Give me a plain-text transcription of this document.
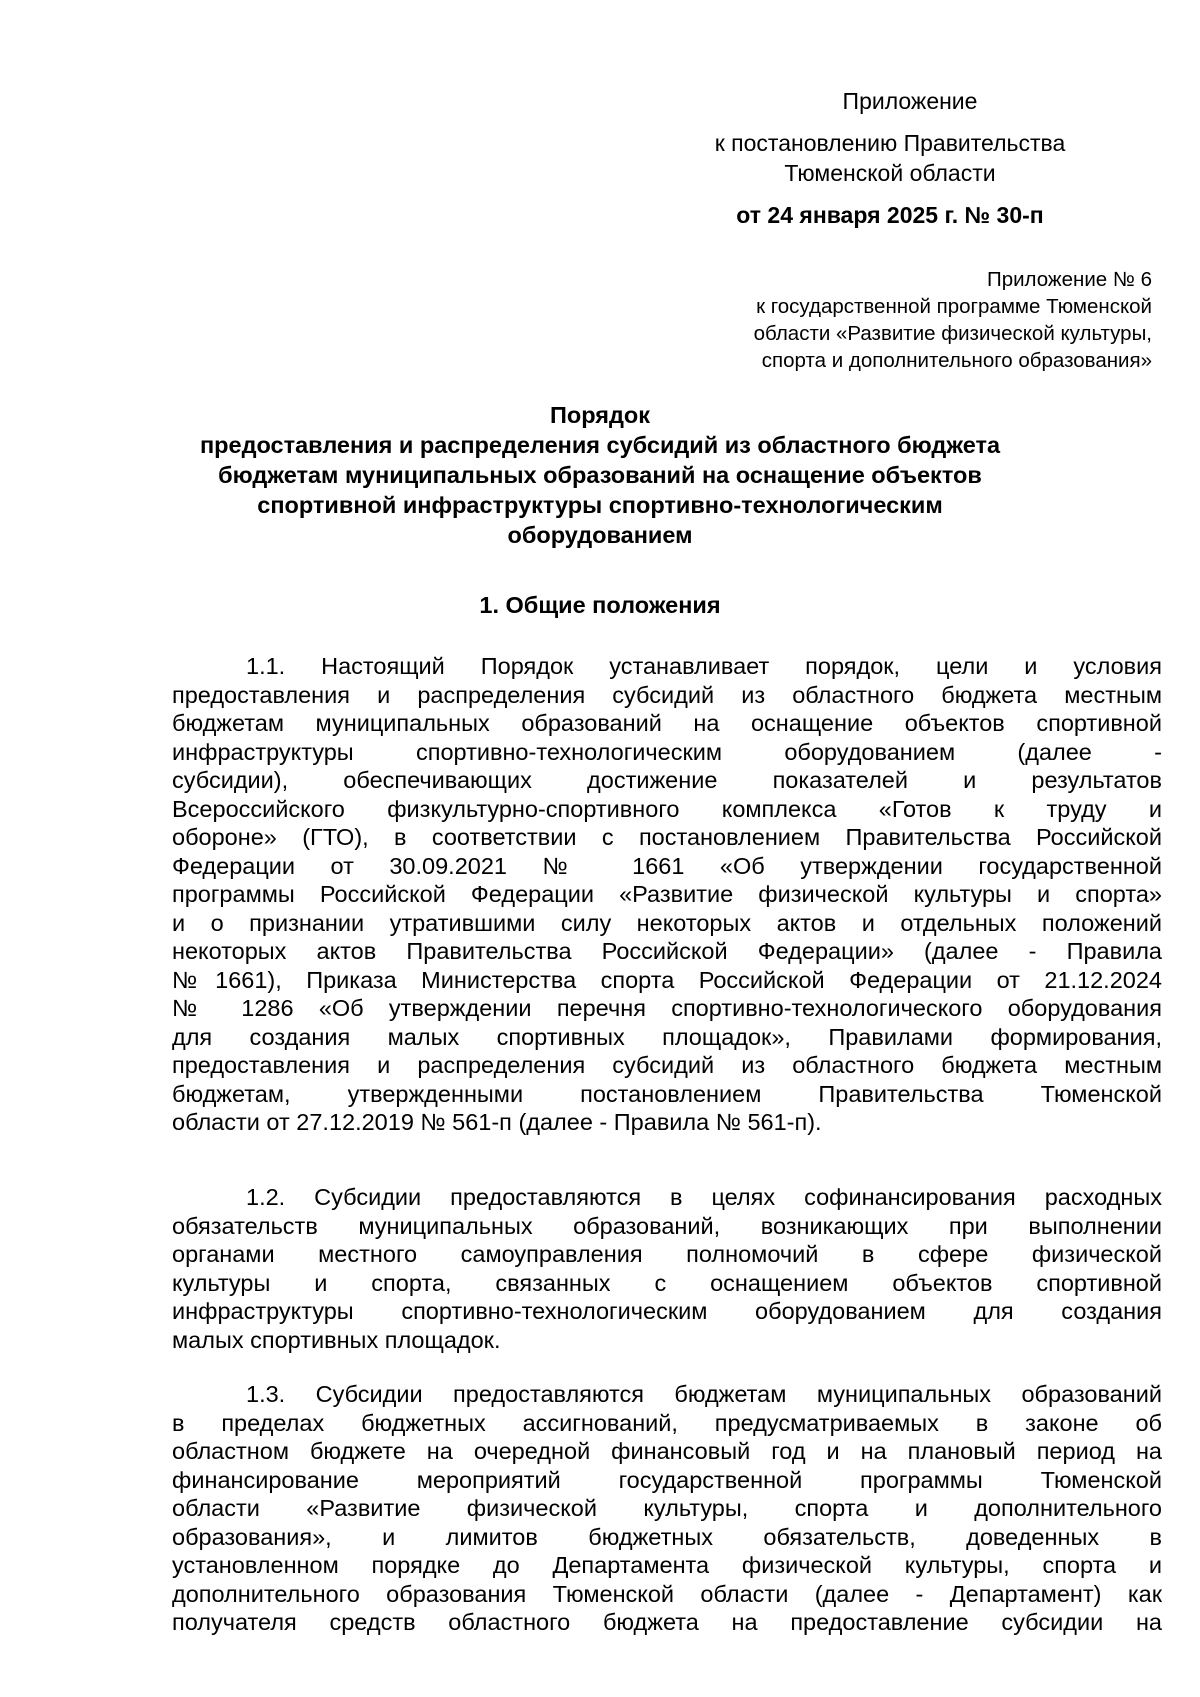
Приложение
к постановлению Правительства
Тюменской области
от 24 января 2025 г. № 30-п
Приложение № 6
к государственной программе Тюменской
области «Развитие физической культуры,
спорта и дополнительного образования»
Порядок
предоставления и распределения субсидий из областного бюджета
бюджетам муниципальных образований на оснащение объектов
спортивной инфраструктуры спортивно-технологическим
оборудованием
1. Общие положения
1.1. Настоящий Порядок устанавливает порядок, цели и условия
предоставления и распределения субсидий из областного бюджета местным
бюджетам муниципальных образований на оснащение объектов спортивной
инфраструктуры спортивно-технологическим оборудованием (далее -
субсидии), обеспечивающих достижение показателей и результатов
Всероссийского физкультурно-спортивного комплекса «Готов к труду и
обороне» (ГТО), в соответствии с постановлением Правительства Российской
Федерации от 30.09.2021 № 1661 «Об утверждении государственной
программы Российской Федерации «Развитие физической культуры и спорта»
и о признании утратившими силу некоторых актов и отдельных положений
некоторых актов Правительства Российской Федерации» (далее - Правила
№1661), Приказа Министерства спорта Российской Федерации от 21.12.2024
№ 1286 «Об утверждении перечня спортивно-технологического оборудования
для создания малых спортивных площадок», Правилами формирования,
предоставления и распределения субсидий из областного бюджета местным
бюджетам, утвержденными постановлением Правительства Тюменской
области от 27.12.2019 № 561-п (далее - Правила № 561-п).
1.2. Субсидии предоставляются в целях софинансирования расходных
обязательств муниципальных образований, возникающих при выполнении
органами местного самоуправления полномочий в сфере физической
культуры и спорта, связанных с оснащением объектов спортивной
инфраструктуры спортивно-технологическим оборудованием для создания
малых спортивных площадок.
1.3. Субсидии предоставляются бюджетам муниципальных образований
в пределах бюджетных ассигнований, предусматриваемых в законе об
областном бюджете на очередной финансовый год и на плановый период на
финансирование мероприятий государственной программы Тюменской
области «Развитие физической культуры, спорта и дополнительного
образования», и лимитов бюджетных обязательств, доведенных в
установленном порядке до Департамента физической культуры, спорта и
дополнительного образования Тюменской области (далее - Департамент) как
получателя средств областного бюджета на предоставление субсидии на
